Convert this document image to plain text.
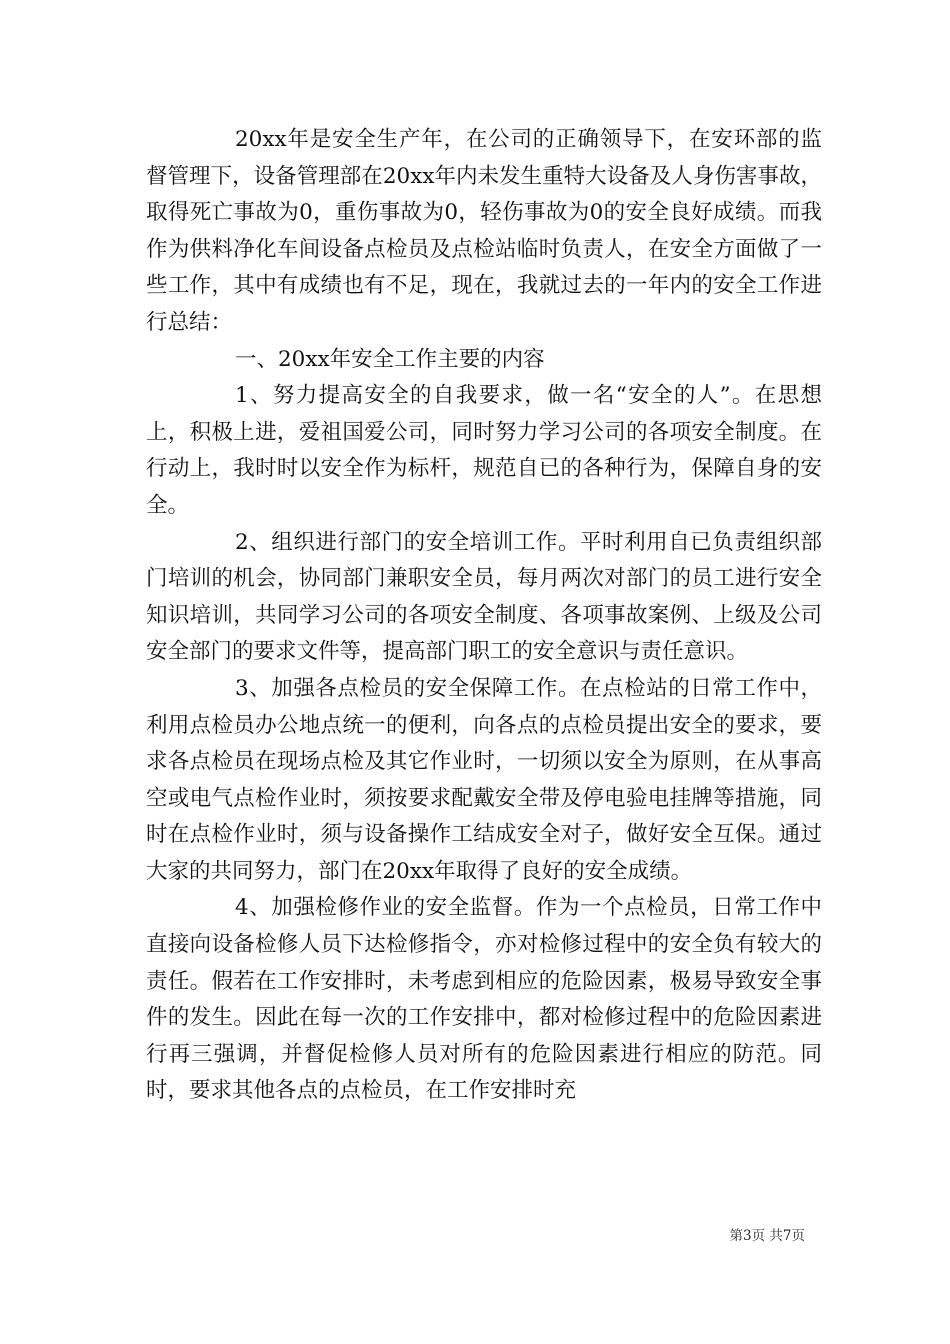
20xx年是安全生产年，在公司的正确领导下，在安环部的监督管理下，设备管理部在20xx年内未发生重特大设备及人身伤害事故，取得死亡事故为0，重伤事故为0，轻伤事故为0的安全良好成绩。而我作为供料净化车间设备点检员及点检站临时负责人，在安全方面做了一些工作，其中有成绩也有不足，现在，我就过去的一年内的安全工作进行总结：

一、20xx年安全工作主要的内容

1、努力提高安全的自我要求，做一名“安全的人”。在思想上，积极上进，爱祖国爱公司，同时努力学习公司的各项安全制度。在行动上，我时时以安全作为标杆，规范自已的各种行为，保障自身的安全。

2、组织进行部门的安全培训工作。平时利用自已负责组织部门培训的机会，协同部门兼职安全员，每月两次对部门的员工进行安全知识培训，共同学习公司的各项安全制度、各项事故案例、上级及公司安全部门的要求文件等，提高部门职工的安全意识与责任意识。

3、加强各点检员的安全保障工作。在点检站的日常工作中，利用点检员办公地点统一的便利，向各点的点检员提出安全的要求，要求各点检员在现场点检及其它作业时，一切须以安全为原则，在从事高空或电气点检作业时，须按要求配戴安全带及停电验电挂牌等措施，同时在点检作业时，须与设备操作工结成安全对子，做好安全互保。通过大家的共同努力，部门在20xx年取得了良好的安全成绩。

4、加强检修作业的安全监督。作为一个点检员，日常工作中直接向设备检修人员下达检修指令，亦对检修过程中的安全负有较大的责任。假若在工作安排时，未考虑到相应的危险因素，极易导致安全事件的发生。因此在每一次的工作安排中，都对检修过程中的危险因素进行再三强调，并督促检修人员对所有的危险因素进行相应的防范。同时，要求其他各点的点检员，在工作安排时充

第3页 共7页
